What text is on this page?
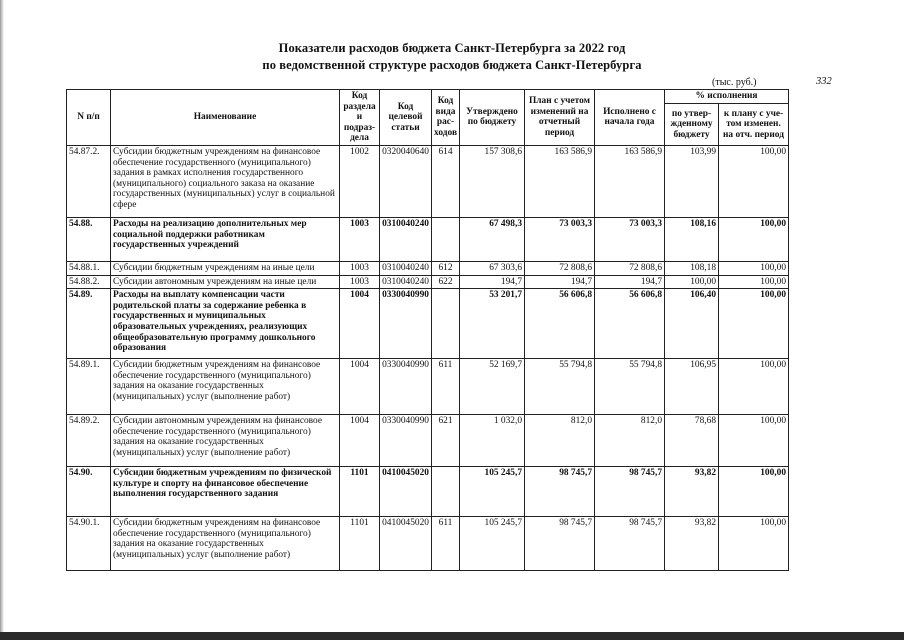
Показатели расходов бюджета Санкт-Петербурга за 2022 год
по ведомственной структуре расходов бюджета Санкт-Петербурга
(тыс. руб.)	332
N п/п	Наименование	Код раздела и подраз-дела	Код целевой статьи	Код вида рас-ходов	Утверждено по бюджету	План с учетом изменений на отчетный период	Исполнено с начала года	% исполнения	
								по утвер-жденному бюджету	к плану с уче-том изменен. на отч. период
54.87.2.	Субсидии бюджетным учреждениям на финансовое обеспечение государственного (муниципального) задания в рамках исполнения государственного (муниципального) социального заказа на оказание государственных (муниципальных) услуг в социальной сфере	1002	0320040640	614	157 308,6	163 586,9	163 586,9	103,99	100,00
54.88.	Расходы на реализацию дополнительных мер социальной поддержки работникам государственных учреждений	1003	0310040240		67 498,3	73 003,3	73 003,3	108,16	100,00
54.88.1.	Субсидии бюджетным учреждениям на иные цели	1003	0310040240	612	67 303,6	72 808,6	72 808,6	108,18	100,00
54.88.2.	Субсидии автономным учреждениям на иные цели	1003	0310040240	622	194,7	194,7	194,7	100,00	100,00
54.89.	Расходы на выплату компенсации части родительской платы за содержание ребенка в государственных и муниципальных образовательных учреждениях, реализующих общеобразовательную программу дошкольного образования	1004	0330040990		53 201,7	56 606,8	56 606,8	106,40	100,00
54.89.1.	Субсидии бюджетным учреждениям на финансовое обеспечение государственного (муниципального) задания на оказание государственных (муниципальных) услуг (выполнение работ)	1004	0330040990	611	52 169,7	55 794,8	55 794,8	106,95	100,00
54.89.2.	Субсидии автономным учреждениям на финансовое обеспечение государственного (муниципального) задания на оказание государственных (муниципальных) услуг (выполнение работ)	1004	0330040990	621	1 032,0	812,0	812,0	78,68	100,00
54.90.	Субсидии бюджетным учреждениям по физической культуре и спорту на финансовое обеспечение выполнения государственного задания	1101	0410045020		105 245,7	98 745,7	98 745,7	93,82	100,00
54.90.1.	Субсидии бюджетным учреждениям на финансовое обеспечение государственного (муниципального) задания на оказание государственных (муниципальных) услуг (выполнение работ)	1101	0410045020	611	105 245,7	98 745,7	98 745,7	93,82	100,00
